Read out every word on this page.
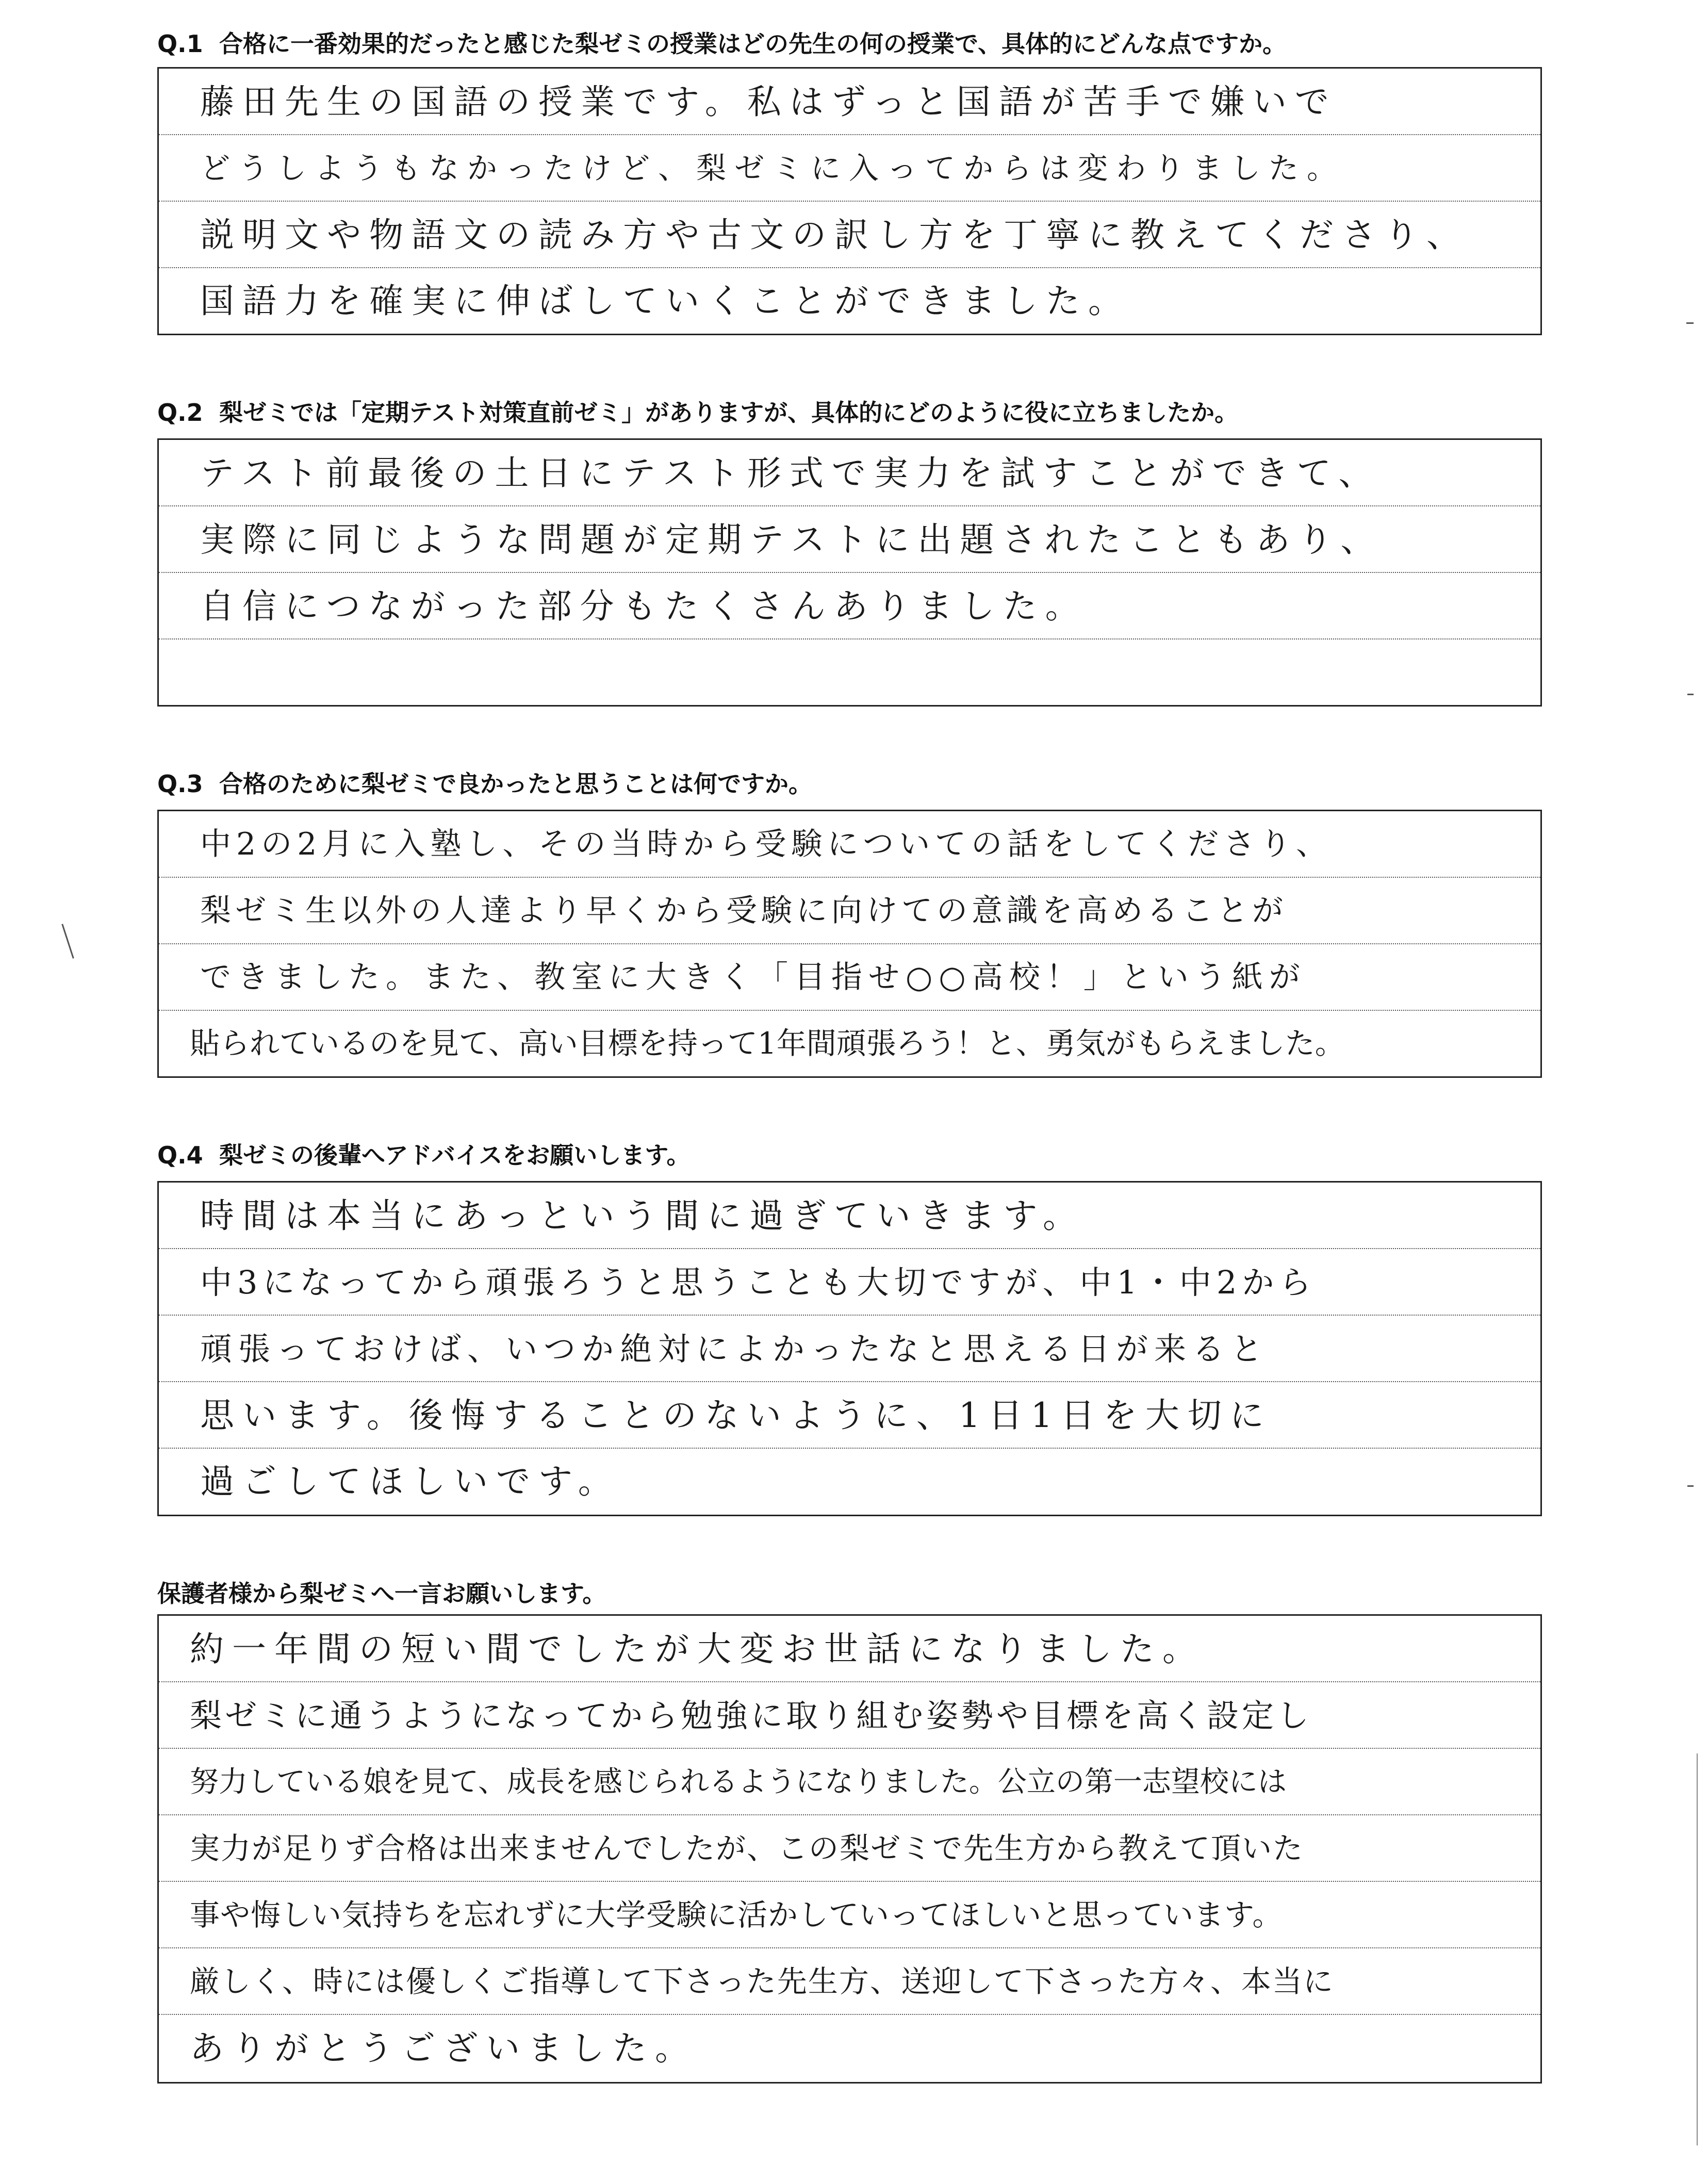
Q.1 合格に一番効果的だったと感じた梨ゼミの授業はどの先生の何の授業で、具体的にどんな点ですか。
藤田先生の国語の授業です。私はずっと国語が苦手で嫌いで
どうしようもなかったけど、梨ゼミに入ってからは変わりました。
説明文や物語文の読み方や古文の訳し方を丁寧に教えてくださり、
国語力を確実に伸ばしていくことができました。
Q.2 梨ゼミでは「定期テスト対策直前ゼミ」がありますが、具体的にどのように役に立ちましたか。
テスト前最後の土日にテスト形式で実力を試すことができて、
実際に同じような問題が定期テストに出題されたこともあり、
自信につながった部分もたくさんありました。
Q.3 合格のために梨ゼミで良かったと思うことは何ですか。
中2の2月に入塾し、その当時から受験についての話をしてくださり、
梨ゼミ生以外の人達より早くから受験に向けての意識を高めることが
できました。また、教室に大きく「目指せ○○高校！」という紙が
貼られているのを見て、高い目標を持って1年間頑張ろう！と、勇気がもらえました。
Q.4 梨ゼミの後輩へアドバイスをお願いします。
時間は本当にあっという間に過ぎていきます。
中3になってから頑張ろうと思うことも大切ですが、中1・中2から
頑張っておけば、いつか絶対によかったなと思える日が来ると
思います。後悔することのないように、1日1日を大切に
過ごしてほしいです。
保護者様から梨ゼミへ一言お願いします。
約一年間の短い間でしたが大変お世話になりました。
梨ゼミに通うようになってから勉強に取り組む姿勢や目標を高く設定し
努力している娘を見て、成長を感じられるようになりました。公立の第一志望校には
実力が足りず合格は出来ませんでしたが、この梨ゼミで先生方から教えて頂いた
事や悔しい気持ちを忘れずに大学受験に活かしていってほしいと思っています。
厳しく、時には優しくご指導して下さった先生方、送迎して下さった方々、本当に
ありがとうございました。
